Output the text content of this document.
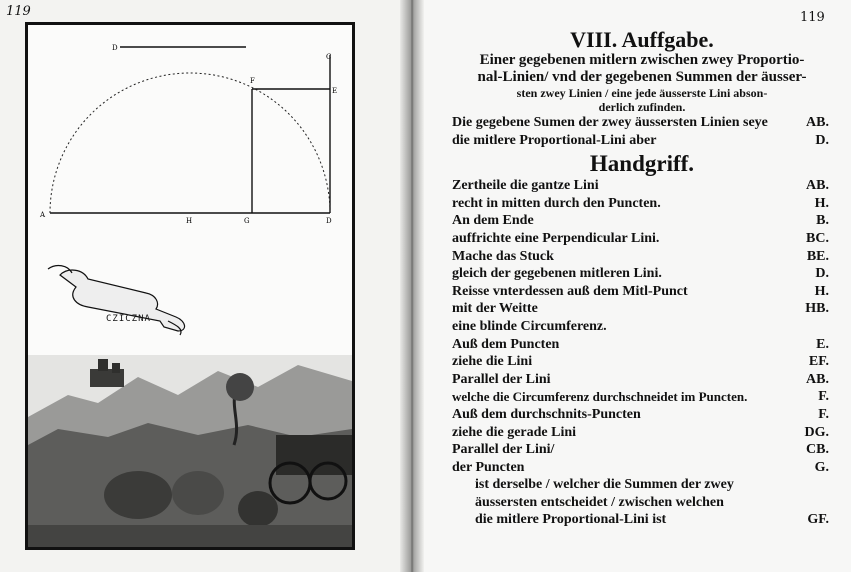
119
D
C
F
E
A
H	G	D
CZICZNA
119
VIII. Auffgabe.
Einer gegebenen mitlern zwischen zwey Proportio-
nal-Linien/ vnd der gegebenen Summen der äusser-
sten zwey Linien / eine jede äusserste Lini abson-
derlich zufinden.
Die gegebene Sumen der zwey äussersten Linien seye	AB.
die mitlere Proportional-Lini aber	D.
Handgriff.
Zertheile die gantze Lini	AB.
recht in mitten durch den Puncten.	H.
An dem Ende	B.
auffrichte eine Perpendicular Lini.	BC.
Mache das Stuck	BE.
gleich der gegebenen mitleren Lini.	D.
Reisse vnterdessen auß dem Mitl-Punct	H.
mit der Weitte	HB.
eine blinde Circumferenz.
Auß dem Puncten	E.
ziehe die Lini	EF.
Parallel der Lini	AB.
welche die Circumferenz durchschneidet im Puncten.	F.
Auß dem durchschnits-Puncten	F.
ziehe die gerade Lini	DG.
Parallel der Lini/	CB.
der Puncten	G.
ist derselbe / welcher die Summen der zwey
äussersten entscheidet / zwischen welchen
die mitlere Proportional-Lini ist	GF.
